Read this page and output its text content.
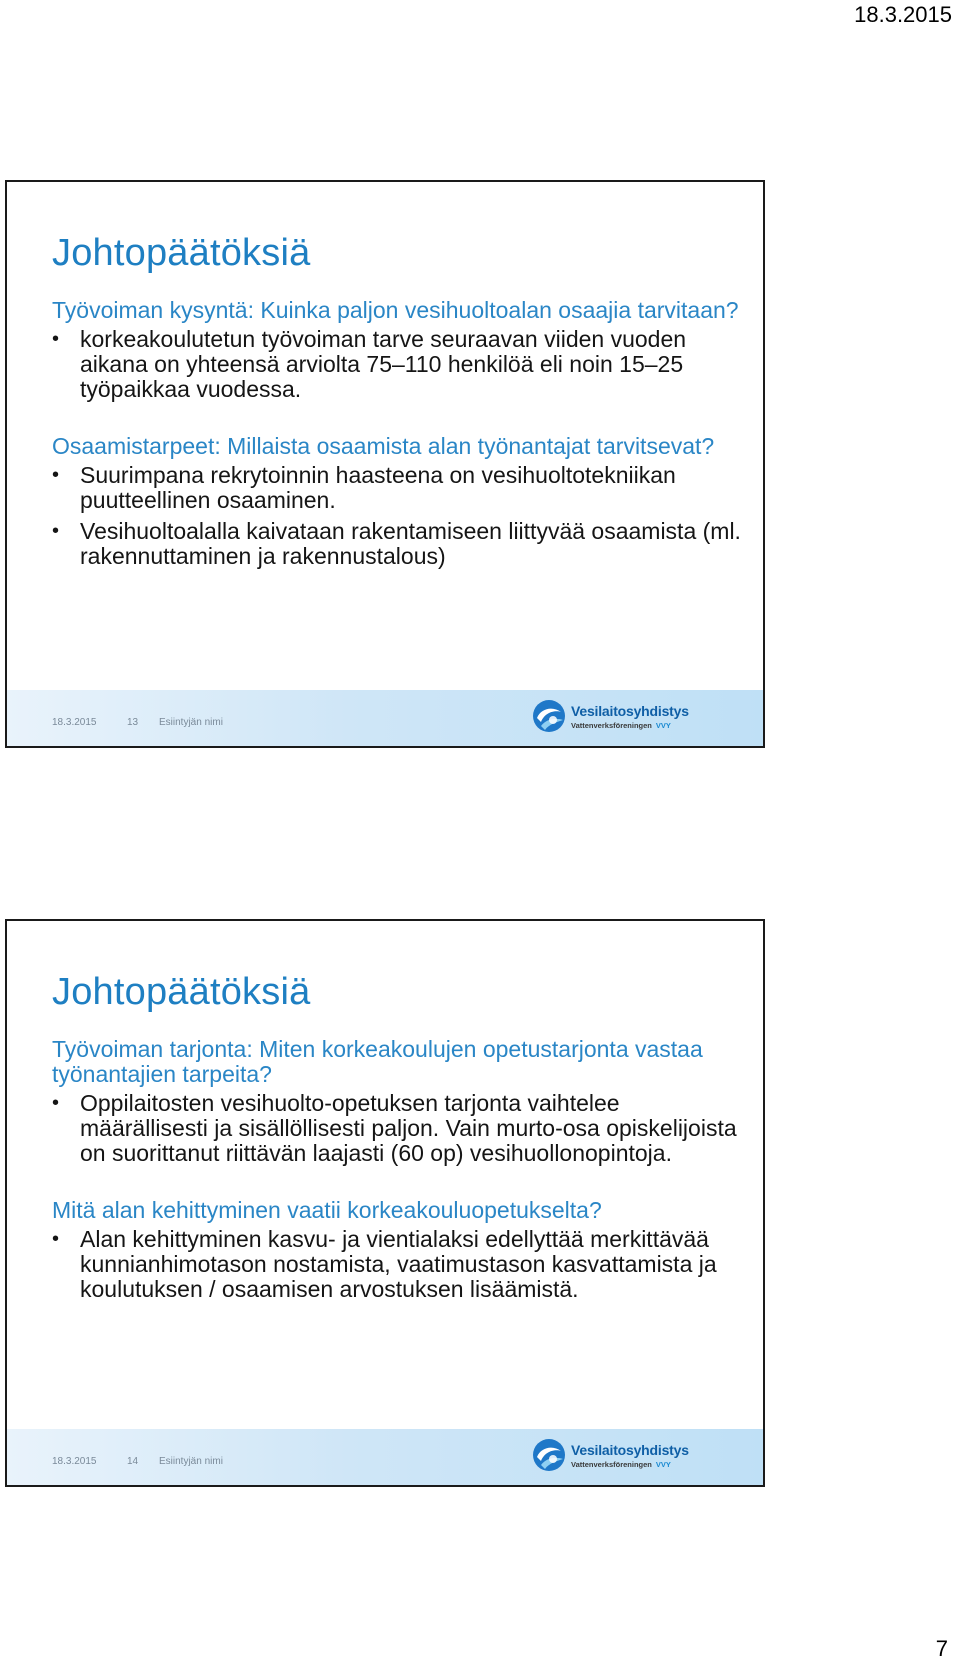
18.3.2015
Johtopäätöksiä

Työvoiman kysyntä: Kuinka paljon vesihuoltoalan osaajia tarvitaan?

• korkeakoulutetun työvoiman tarve seuraavan viiden vuoden aikana on yhteensä arviolta 75–110 henkilöä eli noin 15–25 työpaikkaa vuodessa.

Osaamistarpeet: Millaista osaamista alan työnantajat tarvitsevat?

• Suurimpana rekrytoinnin haasteena on vesihuoltotekniikan puutteellinen osaaminen.
• Vesihuoltoalalla kaivataan rakentamiseen liittyvää osaamista (ml. rakennuttaminen ja rakennustalous)
18.3.2015	13 Esiintyjän nimi
Vesilaitosyhdistys
Vattenverksföreningen VVY
Johtopäätöksiä

Työvoiman tarjonta: Miten korkeakoulujen opetustarjonta vastaa työnantajien tarpeita?

• Oppilaitosten vesihuolto-opetuksen tarjonta vaihtelee määrällisesti ja sisällöllisesti paljon. Vain murto-osa opiskelijoista on suorittanut riittävän laajasti (60 op) vesihuollonopintoja.

Mitä alan kehittyminen vaatii korkeakouluopetukselta?

• Alan kehittyminen kasvu- ja vientialaksi edellyttää merkittävää kunnianhimotason nostamista, vaatimustason kasvattamista ja koulutuksen / osaamisen arvostuksen lisäämistä.
18.3.2015	14 Esiintyjän nimi
Vesilaitosyhdistys
Vattenverksföreningen VVY
7
